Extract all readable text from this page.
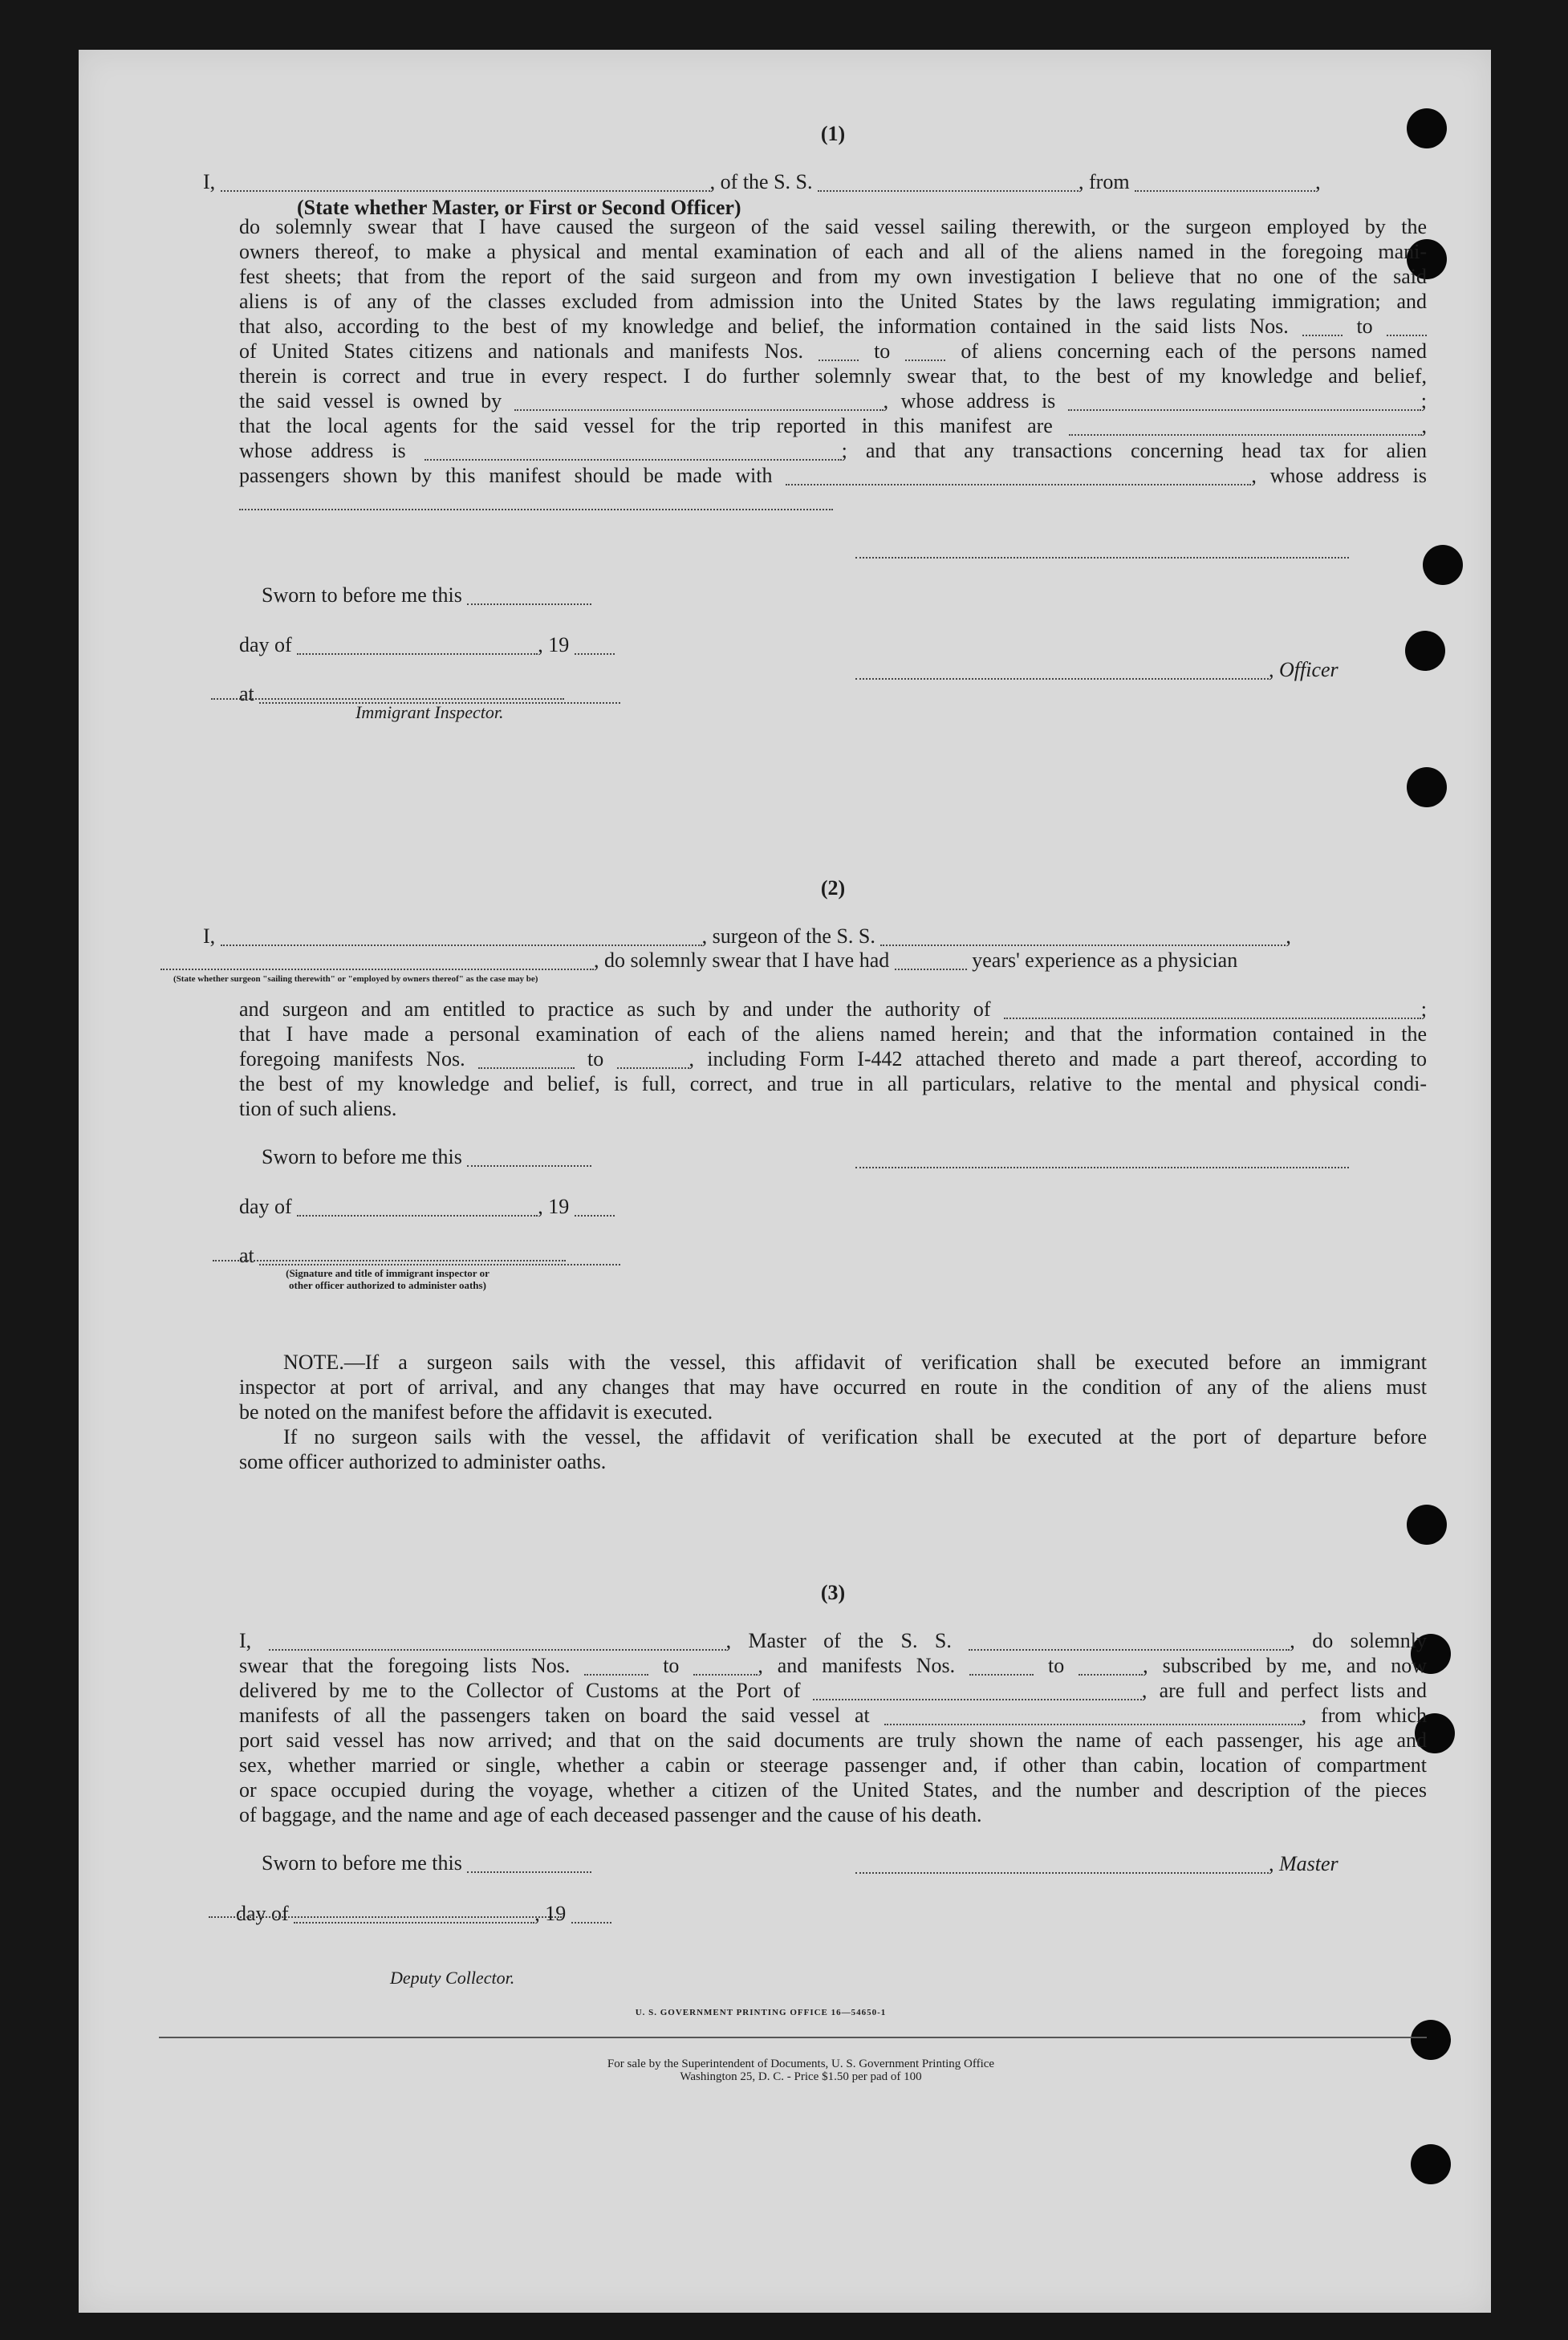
(1)
I,	, of the S. S.	, from	,
(State whether Master, or First or Second Officer)
do solemnly swear that I have caused the surgeon of the said vessel sailing therewith, or the surgeon employed by the
owners thereof, to make a physical and mental examination of each and all of the aliens named in the foregoing mani-
fest sheets; that from the report of the said surgeon and from my own investigation I believe that no one of the said
aliens is of any of the classes excluded from admission into the United States by the laws regulating immigration; and
that also, according to the best of my knowledge and belief, the information contained in the said lists Nos.	to
of United States citizens and nationals and manifests Nos.	to	of aliens concerning each of the persons named
therein is correct and true in every respect. I do further solemnly swear that, to the best of my knowledge and belief,
the said vessel is owned by	, whose address is	;
that the local agents for the said vessel for the trip reported in this manifest are	,
whose address is	; and that any transactions concerning head tax for alien
passengers shown by this manifest should be made with	, whose address is
Sworn to before me this
day of	, 19
at
Immigrant Inspector.
, Officer
(2)
I,	, surgeon of the S. S.	,
, do solemnly swear that I have had	years' experience as a physician
(State whether surgeon "sailing therewith" or "employed by owners thereof" as the case may be)
and surgeon and am entitled to practice as such by and under the authority of	;
that I have made a personal examination of each of the aliens named herein; and that the information contained in the
foregoing manifests Nos.	to	, including Form I-442 attached thereto and made a part thereof, according to
the best of my knowledge and belief, is full, correct, and true in all particulars, relative to the mental and physical condi-
tion of such aliens.
Sworn to before me this
day of	, 19
at
(Signature and title of immigrant inspector or
other officer authorized to administer oaths)
NOTE.—If a surgeon sails with the vessel, this affidavit of verification shall be executed before an immigrant
inspector at port of arrival, and any changes that may have occurred en route in the condition of any of the aliens must
be noted on the manifest before the affidavit is executed.
If no surgeon sails with the vessel, the affidavit of verification shall be executed at the port of departure before
some officer authorized to administer oaths.
(3)
I,	, Master of the S. S.	, do solemnly
swear that the foregoing lists Nos.	to	, and manifests Nos.	to	, subscribed by me, and now
delivered by me to the Collector of Customs at the Port of	, are full and perfect lists and
manifests of all the passengers taken on board the said vessel at	, from which
port said vessel has now arrived; and that on the said documents are truly shown the name of each passenger, his age and
sex, whether married or single, whether a cabin or steerage passenger and, if other than cabin, location of compartment
or space occupied during the voyage, whether a citizen of the United States, and the number and description of the pieces
of baggage, and the name and age of each deceased passenger and the cause of his death.
Sworn to before me this	, Master
day of	, 19
Deputy Collector.
U. S. GOVERNMENT PRINTING OFFICE 16—54650-1
For sale by the Superintendent of Documents, U. S. Government Printing Office
Washington 25, D. C. - Price $1.50 per pad of 100
